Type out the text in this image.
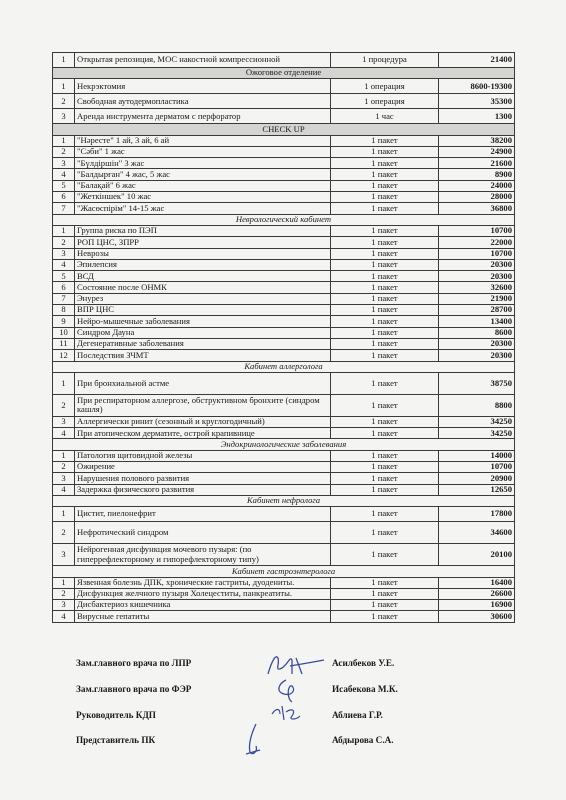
1	Открытая репозиция, МОС накостной компрессионной	1 процедура	21400
Ожоговое отделение			
1	Некрэктомия	1 операция	8600-19300
2	Свободная аутодермопластика	1 операция	35300
3	Аренда инструмента дерматом с перфоратор	1 час	1300
CHECK UP			
1	"Нәресте" 1 ай, 3 ай, 6 ай	1 пакет	38200
2	"Сәби" 1 жас	1 пакет	24900
3	"Бүлдіршін" 3 жас	1 пакет	21600
4	"Балдырған" 4 жас, 5 жас	1 пакет	8900
5	"Балақай" 6 жас	1 пакет	24000
6	"Жеткіншек" 10 жас	1 пакет	28000
7	"Жасөспірім" 14-15 жас	1 пакет	36800
Неврологический кабинет			
1	Группа риска по ПЭП	1 пакет	10700
2	РОП ЦНС, ЗПРР	1 пакет	22000
3	Неврозы	1 пакет	10700
4	Эпилепсия	1 пакет	20300
5	ВСД	1 пакет	20300
6	Состояние после ОНМК	1 пакет	32600
7	Энурез	1 пакет	21900
8	ВПР ЦНС	1 пакет	28700
9	Нейро-мышечные заболевания	1 пакет	13400
10	Синдром Дауна	1 пакет	8600
11	Дегенеративные заболевания	1 пакет	20300
12	Последствия ЗЧМТ	1 пакет	20300
Кабинет аллерголога			
1	При бронхиальной астме	1 пакет	38750
2	При респираторном аллергозе, обструктивном бронхите (синдром кашля)	1 пакет	8800
3	Аллергически ринит (сезонный и круглогодичный)	1 пакет	34250
4	При атопическом дерматите, острой крапивнице	1 пакет	34250
Эндокринологические заболевания			
1	Патология щитовидной железы	1 пакет	14000
2	Ожирение	1 пакет	10700
3	Нарушения полового развития	1 пакет	20900
4	Задержка физического развития	1 пакет	12650
Кабинет нефролога			
1	Цистит, пиелонефрит	1 пакет	17800
2	Нефротический синдром	1 пакет	34600
3	Нейрогенная дисфункция мочевого пузыря: (по гиперрефлекторному и гипорефлекторному типу)	1 пакет	20100
Кабинет гастроэнтеролога			
1	Язвенная болезнь ДПК, хронические гастриты, дуодениты.	1 пакет	16400
2	Дисфункция желчного пузыря Холецеститы, панкреатиты.	1 пакет	26600
3	Дисбактериоз кишечника	1 пакет	16900
4	Вирусные гепатиты	1 пакет	30600
Зам.главного врача по ЛПР	Асилбеков У.Е.
Зам.главного врача по ФЭР	Исабекова М.К.
Руководитель КДП	Аблиева Г.Р.
Представитель ПК	Абдырова С.А.
